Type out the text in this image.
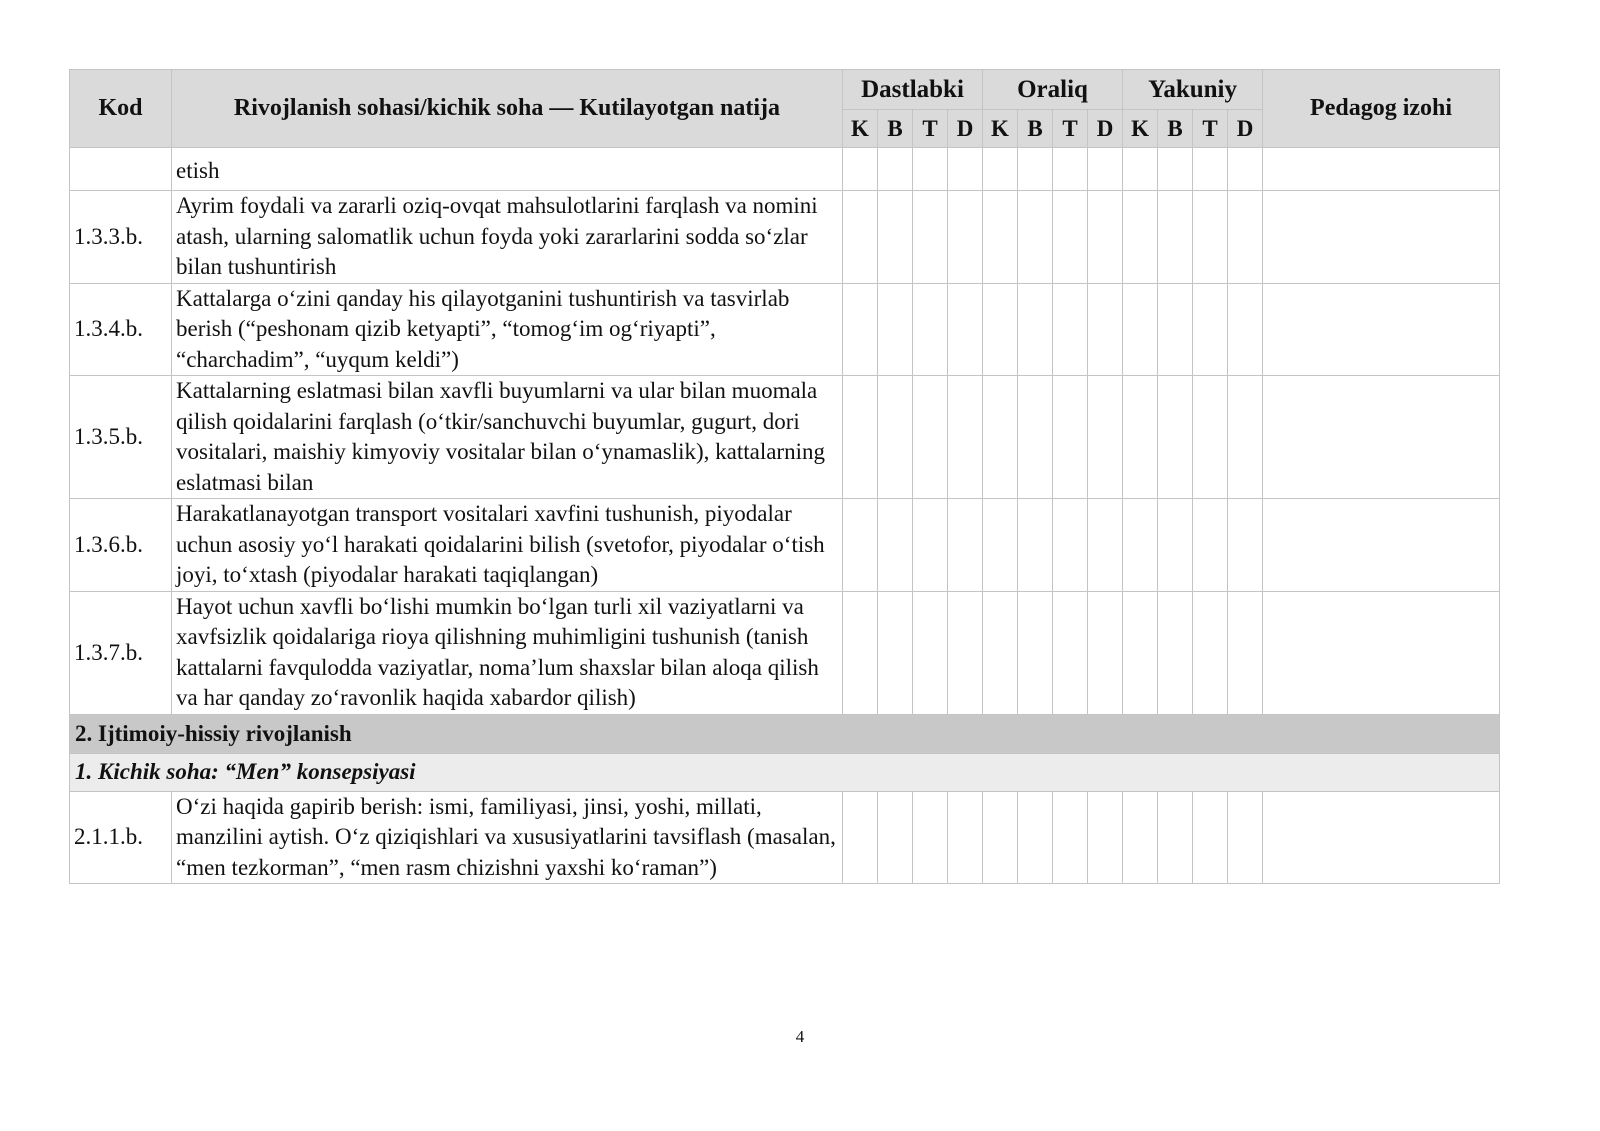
Kod	Rivojlanish sohasi/kichik soha — Kutilayotgan natija	Dastlabki				Oraliq				Yakuniy				Pedagog izohi
		K	B	T	D	K	B	T	D	K	B	T	D	
	etish													
1.3.3.b.	Ayrim foydali va zararli oziq-ovqat mahsulotlarini farqlash va nomini atash, ularning salomatlik uchun foyda yoki zararlarini sodda so‘zlar bilan tushuntirish													
1.3.4.b.	Kattalarga o‘zini qanday his qilayotganini tushuntirish va tasvirlab berish (“peshonam qizib ketyapti”, “tomog‘im og‘riyapti”, “charchadim”, “uyqum keldi”)													
1.3.5.b.	Kattalarning eslatmasi bilan xavfli buyumlarni va ular bilan muomala qilish qoidalarini farqlash (o‘tkir/sanchuvchi buyumlar, gugurt, dori vositalari, maishiy kimyoviy vositalar bilan o‘ynamaslik), kattalarning eslatmasi bilan													
1.3.6.b.	Harakatlanayotgan transport vositalari xavfini tushunish, piyodalar uchun asosiy yo‘l harakati qoidalarini bilish (svetofor, piyodalar o‘tish joyi, to‘xtash (piyodalar harakati taqiqlangan)													
1.3.7.b.	Hayot uchun xavfli bo‘lishi mumkin bo‘lgan turli xil vaziyatlarni va xavfsizlik qoidalariga rioya qilishning muhimligini tushunish (tanish kattalarni favqulodda vaziyatlar, noma’lum shaxslar bilan aloqa qilish va har qanday zo‘ravonlik haqida xabardor qilish)													
2. Ijtimoiy-hissiy rivojlanish														
1. Kichik soha: “Men” konsepsiyasi														
2.1.1.b.	O‘zi haqida gapirib berish: ismi, familiyasi, jinsi, yoshi, millati, manzilini aytish. O‘z qiziqishlari va xususiyatlarini tavsiflash (masalan, “men tezkorman”, “men rasm chizishni yaxshi ko‘raman”)													
4
